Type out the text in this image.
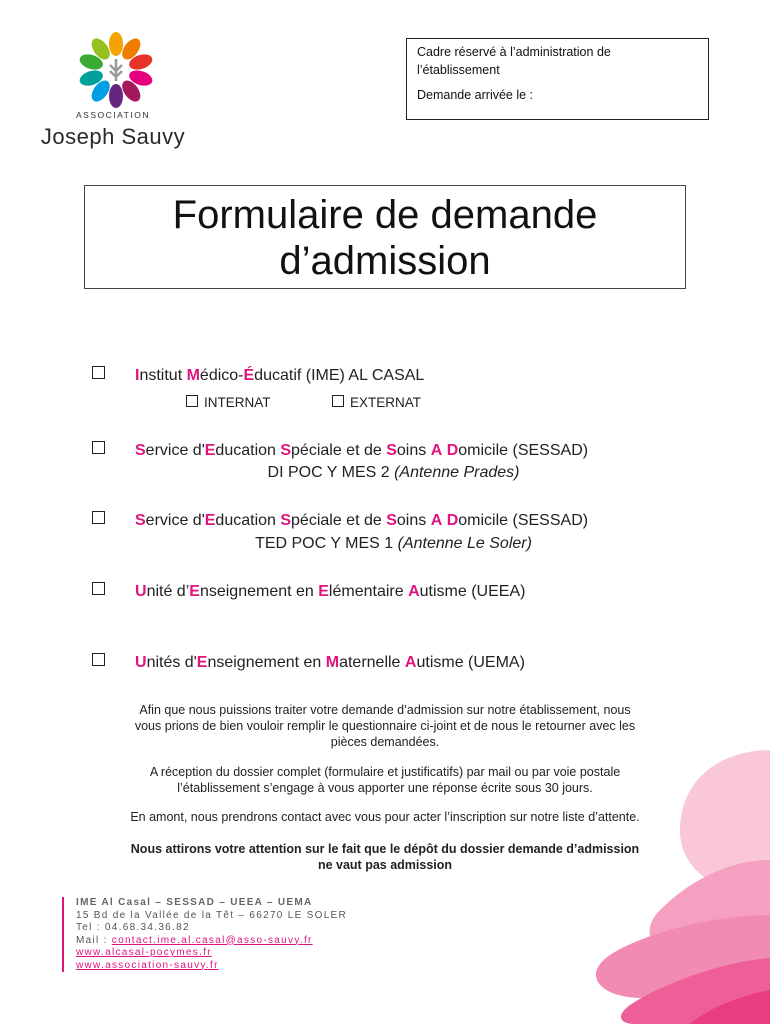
ASSOCIATION
Joseph Sauvy

Cadre réservé à l’administration de

l’établissement

Demande arrivée le :

Formulaire de demande
d’admission
Institut Médico-Éducatif (IME) AL CASAL
INTERNAT	EXTERNAT
Service d'Education Spéciale et de Soins A Domicile (SESSAD)
DI POC Y MES 2 (Antenne Prades)
Service d'Education Spéciale et de Soins A Domicile (SESSAD)
TED POC Y MES 1 (Antenne Le Soler)
Unité d’Enseignement en Elémentaire Autisme (UEEA)
Unités d'Enseignement en Maternelle Autisme (UEMA)

Afin que nous puissions traiter votre demande d’admission sur notre établissement, nous

vous prions de bien vouloir remplir le questionnaire ci-joint et de nous le retourner avec les

pièces demandées.

A réception du dossier complet (formulaire et justificatifs) par mail ou par voie postale

l’établissement s’engage à vous apporter une réponse écrite sous 30 jours.

En amont, nous prendrons contact avec vous pour acter l’inscription sur notre liste d’attente.

Nous attirons votre attention sur le fait que le dépôt du dossier demande d’admission

ne vaut pas admission

IME Al Casal – SESSAD – UEEA – UEMA
15 Bd de la Vallée de la Têt – 66270 LE SOLER
Tel : 04.68.34.36.82
Mail : contact.ime.al.casal@asso-sauvy.fr
www.alcasal-pocymes.fr
www.association-sauvy.fr
